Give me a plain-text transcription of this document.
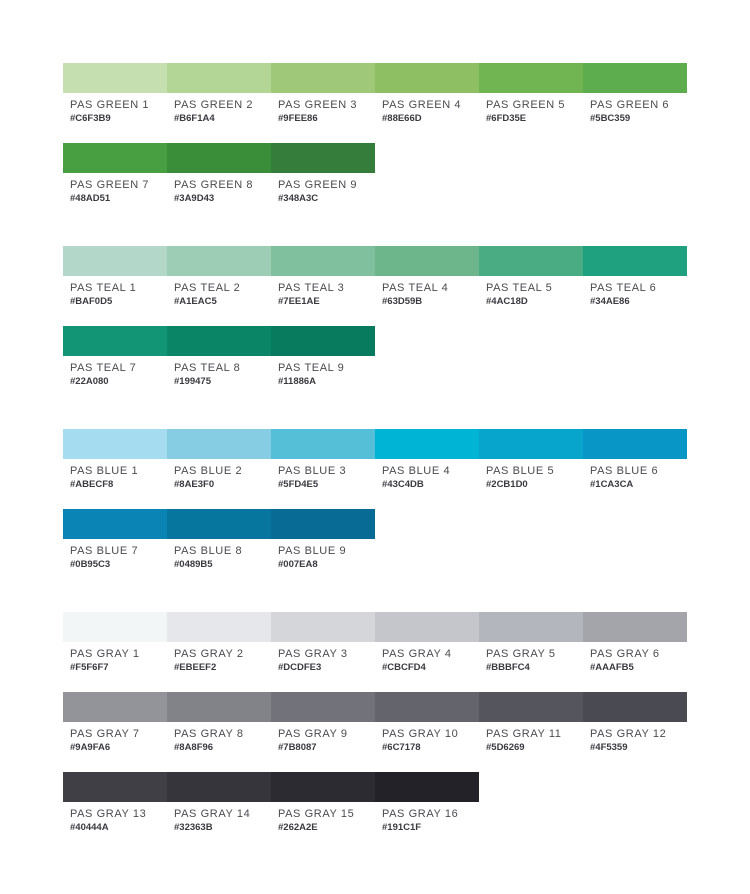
PAS GREEN 1
#C6F3B9
PAS GREEN 2
#B6F1A4
PAS GREEN 3
#9FEE86
PAS GREEN 4
#88E66D
PAS GREEN 5
#6FD35E
PAS GREEN 6
#5BC359
PAS GREEN 7
#48AD51
PAS GREEN 8
#3A9D43
PAS GREEN 9
#348A3C
PAS TEAL 1
#BAF0D5
PAS TEAL 2
#A1EAC5
PAS TEAL 3
#7EE1AE
PAS TEAL 4
#63D59B
PAS TEAL 5
#4AC18D
PAS TEAL 6
#34AE86
PAS TEAL 7
#22A080
PAS TEAL 8
#199475
PAS TEAL 9
#11886A
PAS BLUE 1
#ABECF8
PAS BLUE 2
#8AE3F0
PAS BLUE 3
#5FD4E5
PAS BLUE 4
#43C4DB
PAS BLUE 5
#2CB1D0
PAS BLUE 6
#1CA3CA
PAS BLUE 7
#0B95C3
PAS BLUE 8
#0489B5
PAS BLUE 9
#007EA8
PAS GRAY 1
#F5F6F7
PAS GRAY 2
#EBEEF2
PAS GRAY 3
#DCDFE3
PAS GRAY 4
#CBCFD4
PAS GRAY 5
#BBBFC4
PAS GRAY 6
#AAAFB5
PAS GRAY 7
#9A9FA6
PAS GRAY 8
#8A8F96
PAS GRAY 9
#7B8087
PAS GRAY 10
#6C7178
PAS GRAY 11
#5D6269
PAS GRAY 12
#4F5359
PAS GRAY 13
#40444A
PAS GRAY 14
#32363B
PAS GRAY 15
#262A2E
PAS GRAY 16
#191C1F
